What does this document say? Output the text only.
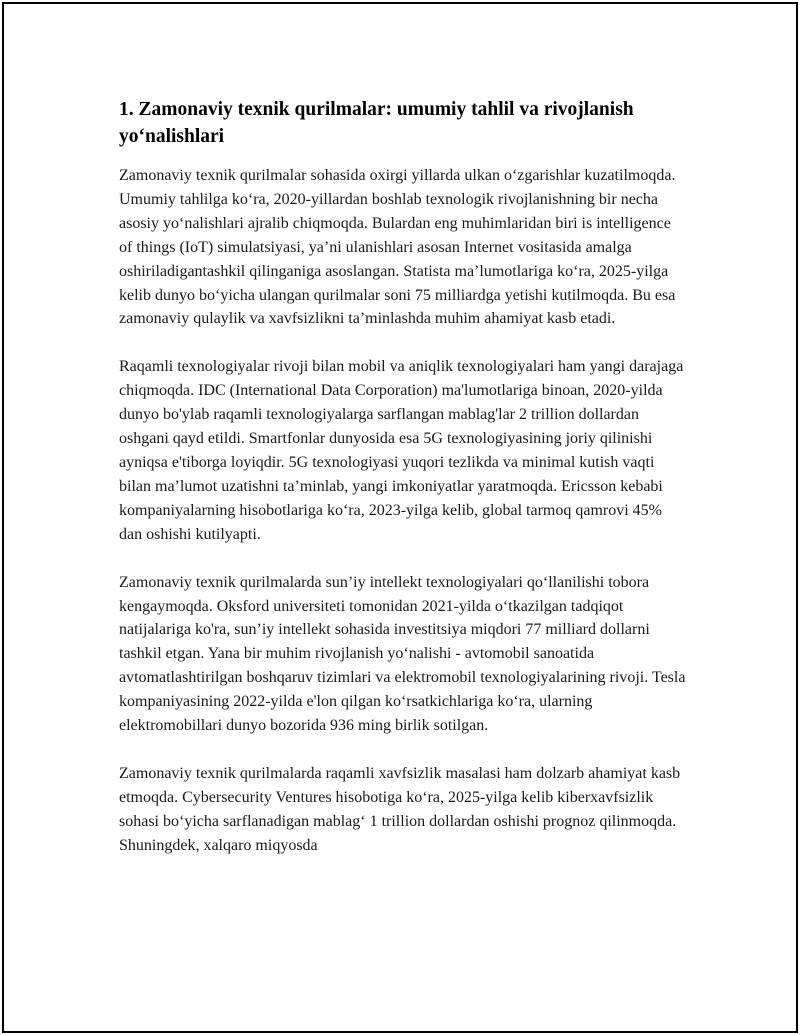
1. Zamonaviy texnik qurilmalar: umumiy tahlil va rivojlanish yo‘nalishlari

Zamonaviy texnik qurilmalar sohasida oxirgi yillarda ulkan o‘zgarishlar kuzatilmoqda. Umumiy tahlilga ko‘ra, 2020-yillardan boshlab texnologik rivojlanishning bir necha asosiy yo‘nalishlari ajralib chiqmoqda. Bulardan eng muhimlaridan biri is intelligence of things (IoT) simulatsiyasi, ya’ni ulanishlari asosan Internet vositasida amalga oshiriladigantashkil qilinganiga asoslangan. Statista ma’lumotlariga ko‘ra, 2025-yilga kelib dunyo bo‘yicha ulangan qurilmalar soni 75 milliardga yetishi kutilmoqda. Bu esa zamonaviy qulaylik va xavfsizlikni ta’minlashda muhim ahamiyat kasb etadi.

Raqamli texnologiyalar rivoji bilan mobil va aniqlik texnologiyalari ham yangi darajaga chiqmoqda. IDC (International Data Corporation) ma'lumotlariga binoan, 2020-yilda dunyo bo'ylab raqamli texnologiyalarga sarflangan mablag'lar 2 trillion dollardan oshgani qayd etildi. Smartfonlar dunyosida esa 5G texnologiyasining joriy qilinishi ayniqsa e'tiborga loyiqdir. 5G texnologiyasi yuqori tezlikda va minimal kutish vaqti bilan ma’lumot uzatishni ta’minlab, yangi imkoniyatlar yaratmoqda. Ericsson kebabi kompaniyalarning hisobotlariga ko‘ra, 2023-yilga kelib, global tarmoq qamrovi 45% dan oshishi kutilyapti.

Zamonaviy texnik qurilmalarda sun’iy intellekt texnologiyalari qo‘llanilishi tobora kengaymoqda. Oksford universiteti tomonidan 2021-yilda o‘tkazilgan tadqiqot natijalariga ko'ra, sun’iy intellekt sohasida investitsiya miqdori 77 milliard dollarni tashkil etgan. Yana bir muhim rivojlanish yo‘nalishi - avtomobil sanoatida avtomatlashtirilgan boshqaruv tizimlari va elektromobil texnologiyalarining rivoji. Tesla kompaniyasining 2022-yilda e'lon qilgan ko‘rsatkichlariga ko‘ra, ularning elektromobillari dunyo bozorida 936 ming birlik sotilgan.

Zamonaviy texnik qurilmalarda raqamli xavfsizlik masalasi ham dolzarb ahamiyat kasb etmoqda. Cybersecurity Ventures hisobotiga ko‘ra, 2025-yilga kelib kiberxavfsizlik sohasi bo‘yicha sarflanadigan mablag‘ 1 trillion dollardan oshishi prognoz qilinmoqda. Shuningdek, xalqaro miqyosda
